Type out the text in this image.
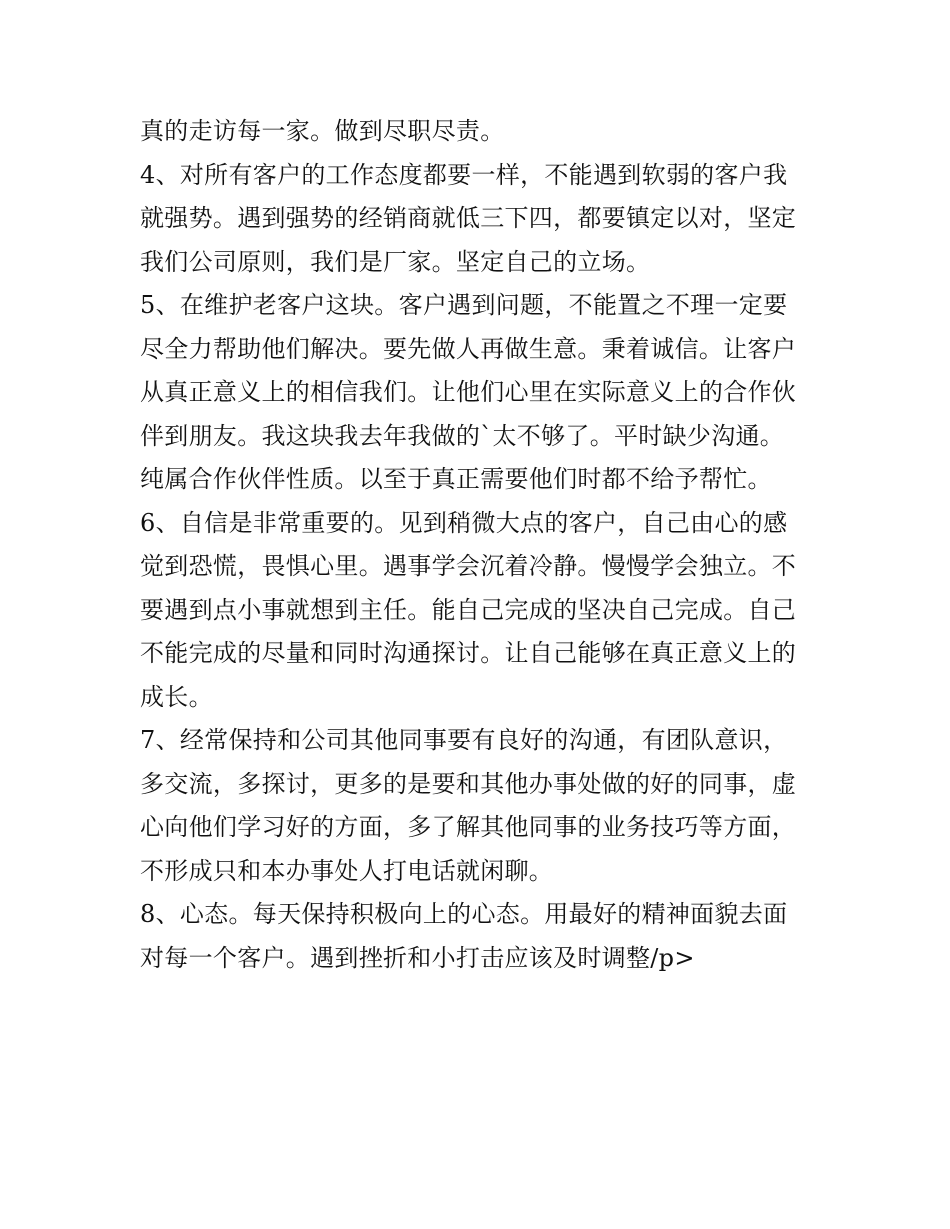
真的走访每一家。做到尽职尽责。
4、对所有客户的工作态度都要一样，不能遇到软弱的客户我
就强势。遇到强势的经销商就低三下四，都要镇定以对，坚定
我们公司原则，我们是厂家。坚定自己的立场。
5、在维护老客户这块。客户遇到问题，不能置之不理一定要
尽全力帮助他们解决。要先做人再做生意。秉着诚信。让客户
从真正意义上的相信我们。让他们心里在实际意义上的合作伙
伴到朋友。我这块我去年我做的`太不够了。平时缺少沟通。
纯属合作伙伴性质。以至于真正需要他们时都不给予帮忙。
6、自信是非常重要的。见到稍微大点的客户，自己由心的感
觉到恐慌，畏惧心里。遇事学会沉着冷静。慢慢学会独立。不
要遇到点小事就想到主任。能自己完成的坚决自己完成。自己
不能完成的尽量和同时沟通探讨。让自己能够在真正意义上的
成长。
7、经常保持和公司其他同事要有良好的沟通，有团队意识，
多交流，多探讨，更多的是要和其他办事处做的好的同事，虚
心向他们学习好的方面，多了解其他同事的业务技巧等方面，
不形成只和本办事处人打电话就闲聊。
8、心态。每天保持积极向上的心态。用最好的精神面貌去面
对每一个客户。遇到挫折和小打击应该及时调整/p>
